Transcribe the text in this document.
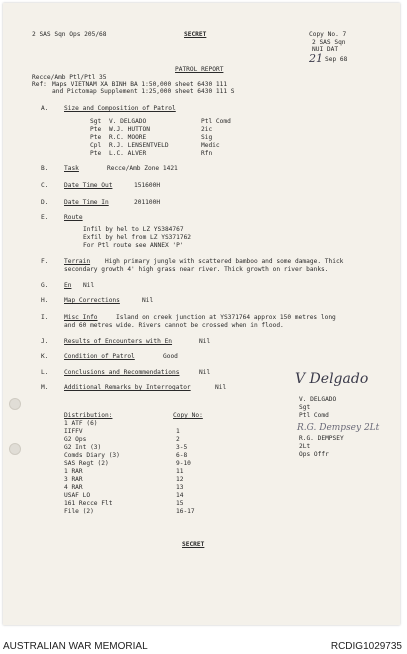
2 SAS Sqn Ops 205/68	SECRET	Copy No. 7
2 SAS Sqn
NUI DAT
21 Sep 68
PATROL REPORT
Recce/Amb Ptl/Ptl 35
Ref: Maps VIETNAM XA BINH BA 1:50,000 sheet 6430 111
and Pictomap Supplement 1:25,000 sheet 6430 111 S
A.	Size and Composition of Patrol
Sgt V. DELGADO	Ptl Comd
Pte W.J. HUTTON	2ic
Pte R.C. MOORE	Sig
Cpl R.J. LENSENTVELD	Medic
Pte L.C. ALVER	Rfn
B.	Task	Recce/Amb Zone 1421
C.	Date Time Out	151600H
D.	Date Time In	201100H
E.	Route
Infil by hel to LZ YS384767
Exfil by hel from LZ YS371762
For Ptl route see ANNEX 'P'
F.	Terrain High primary jungle with scattered bamboo and some damage. Thick
secondary growth 4' high grass near river. Thick growth on river banks.
G.	En Nil
H.	Map Corrections	Nil
I.	Misc Info	Island on creek junction at YS371764 approx 150 metres long
and 60 metres wide. Rivers cannot be crossed when in flood.
J.	Results of Encounters with En	Nil
K.	Condition of Patrol	Good
L.	Conclusions and Recommendations	Nil
M.	Additional Remarks by Interrogator	Nil
V Delgado
V. DELGADO
Sgt
Ptl Comd
R.G. Dempsey 2Lt
R.G. DEMPSEY
2Lt
Ops Offr
Distribution:	Copy No:
1 ATF (6)
IIFFV	1
G2 Ops	2
G2 Int (3)	3-5
Comds Diary (3)	6-8
SAS Regt (2)	9-10
1 RAR	11
3 RAR	12
4 RAR	13
USAF LO	14
161 Recce Flt	15
File (2)	16-17
SECRET
AUSTRALIAN WAR MEMORIAL	RCDIG1029735
